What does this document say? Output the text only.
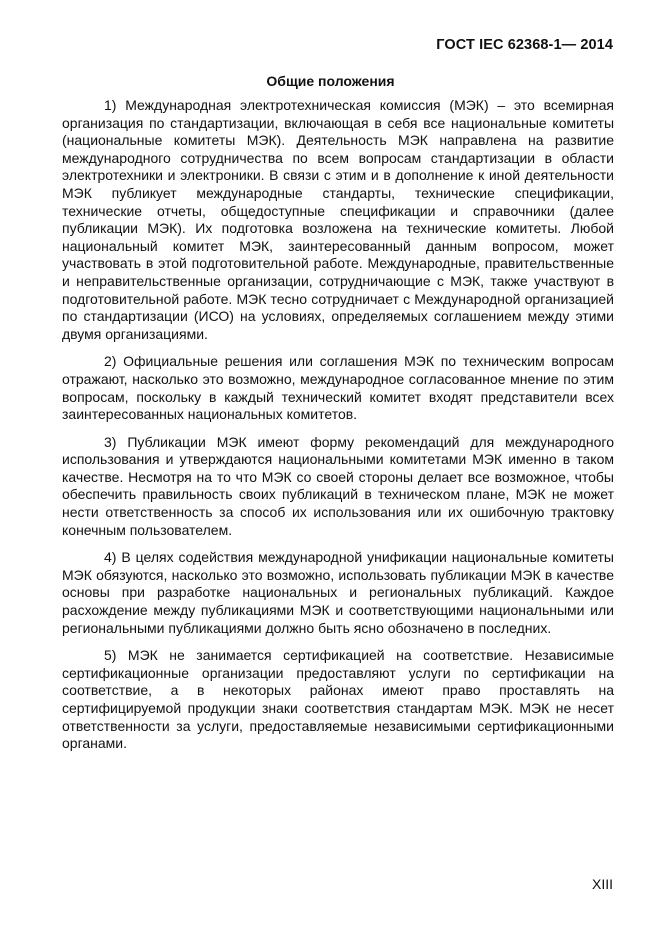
ГОСТ IEC 62368-1— 2014
Общие положения

1) Международная электротехническая комиссия (МЭК) – это всемирная организация по стандартизации, включающая в себя все национальные комитеты (национальные комитеты МЭК). Деятельность МЭК направлена на развитие международного сотрудничества по всем вопросам стандартизации в области электротехники и электроники. В связи с этим и в дополнение к иной деятельности МЭК публикует международные стандарты, технические спецификации, технические отчеты, общедоступные спецификации и справочники (далее публикации МЭК). Их подготовка возложена на технические комитеты. Любой национальный комитет МЭК, заинтересованный данным вопросом, может участвовать в этой подготовительной работе. Международные, правительственные и неправительственные организации, сотрудничающие с МЭК, также участвуют в подготовительной работе. МЭК тесно сотрудничает с Международной организацией по стандартизации (ИСО) на условиях, определяемых соглашением между этими двумя организациями.

2) Официальные решения или соглашения МЭК по техническим вопросам отражают, насколько это возможно, международное согласованное мнение по этим вопросам, поскольку в каждый технический комитет входят представители всех заинтересованных национальных комитетов.

3) Публикации МЭК имеют форму рекомендаций для международного использования и утверждаются национальными комитетами МЭК именно в таком качестве. Несмотря на то что МЭК со своей стороны делает все возможное, чтобы обеспечить правильность своих публикаций в техническом плане, МЭК не может нести ответственность за способ их использования или их ошибочную трактовку конечным пользователем.

4) В целях содействия международной унификации национальные комитеты МЭК обязуются, насколько это возможно, использовать публикации МЭК в качестве основы при разработке национальных и региональных публикаций. Каждое расхождение между публикациями МЭК и соответствующими национальными или региональными публикациями должно быть ясно обозначено в последних.

5) МЭК не занимается сертификацией на соответствие. Независимые сертификационные организации предоставляют услуги по сертификации на соответствие, а в некоторых районах имеют право проставлять на сертифицируемой продукции знаки соответствия стандартам МЭК. МЭК не несет ответственности за услуги, предоставляемые независимыми сертификационными органами.

XIII
